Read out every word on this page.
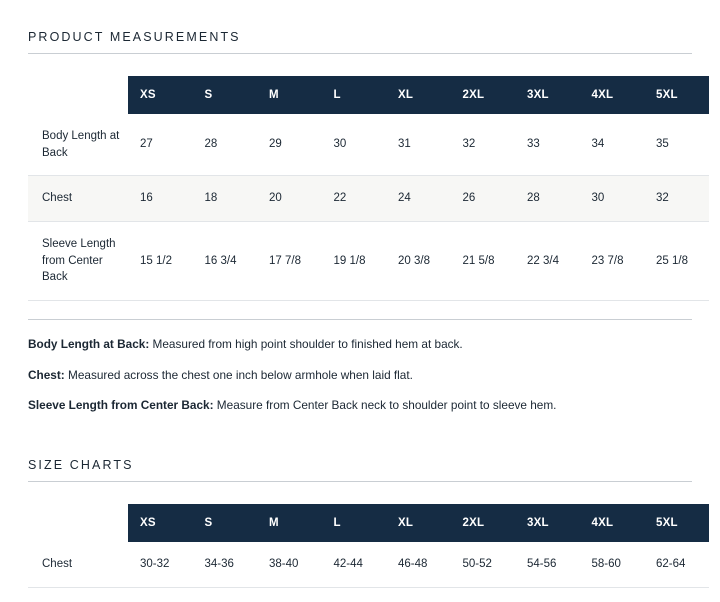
PRODUCT MEASUREMENTS
	XS	S	M	L	XL	2XL	3XL	4XL	5XL
Body Length at Back	27	28	29	30	31	32	33	34	35
Chest	16	18	20	22	24	26	28	30	32
Sleeve Length from Center Back	15 1/2	16 3/4	17 7/8	19 1/8	20 3/8	21 5/8	22 3/4	23 7/8	25 1/8
Body Length at Back: Measured from high point shoulder to finished hem at back.
Chest: Measured across the chest one inch below armhole when laid flat.
Sleeve Length from Center Back: Measure from Center Back neck to shoulder point to sleeve hem.
SIZE CHARTS
	XS	S	M	L	XL	2XL	3XL	4XL	5XL
Chest	30-32	34-36	38-40	42-44	46-48	50-52	54-56	58-60	62-64
